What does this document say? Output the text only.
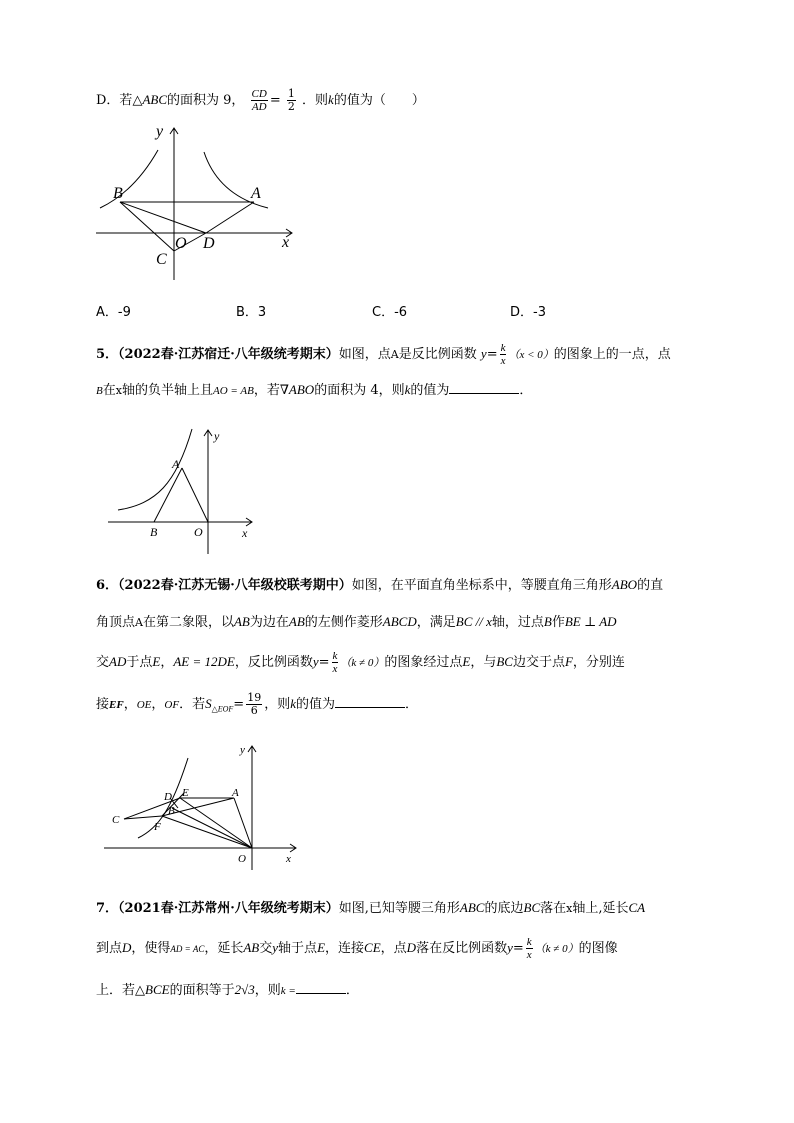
D．若△ABC的面积为 9， $\frac{CD}{AD} = \frac{1}{2}$ ．则k的值为（　　）
y
x
B	A
O D
C
A．-9	B．3	C．-6	D．-3
5．（2022春·江苏宿迁·八年级统考期末）如图，点A是反比例函数 $y= \frac{k}{x} (x < 0)$的图象上的一点，点
B在x轴的负半轴上且AO = AB，若∇ABO的面积为 4，则k的值为	．
y
x
A
B	O
6．（2022春·江苏无锡·八年级校联考期中）如图，在平面直角坐标系中，等腰直角三角形ABO的直
角顶点A在第二象限，以AB为边在AB的左侧作菱形ABCD，满足BC // x轴，过点B作BE ⊥ AD
交AD于点E，AE = 12DE，反比例函数$y= \frac{k}{x} (k \ne 0)$的图象经过点E，与BC边交于点F，分别连
接EF，OE，OF．若$S_{\triangle EOF}= \frac{19}{6}$ ，则k的值为	．
y
x
D E	A
C
B
F
O
7．（2021春·江苏常州·八年级统考期末）如图,已知等腰三角形ABC的底边BC落在x轴上,延长CA
到点D，使得AD = AC，延长AB交y轴于点E，连接CE，点D落在反比例函数$y= \frac{k}{x} (k \ne 0)$的图像
上．若△BCE的面积等于2√3，则k =	．
